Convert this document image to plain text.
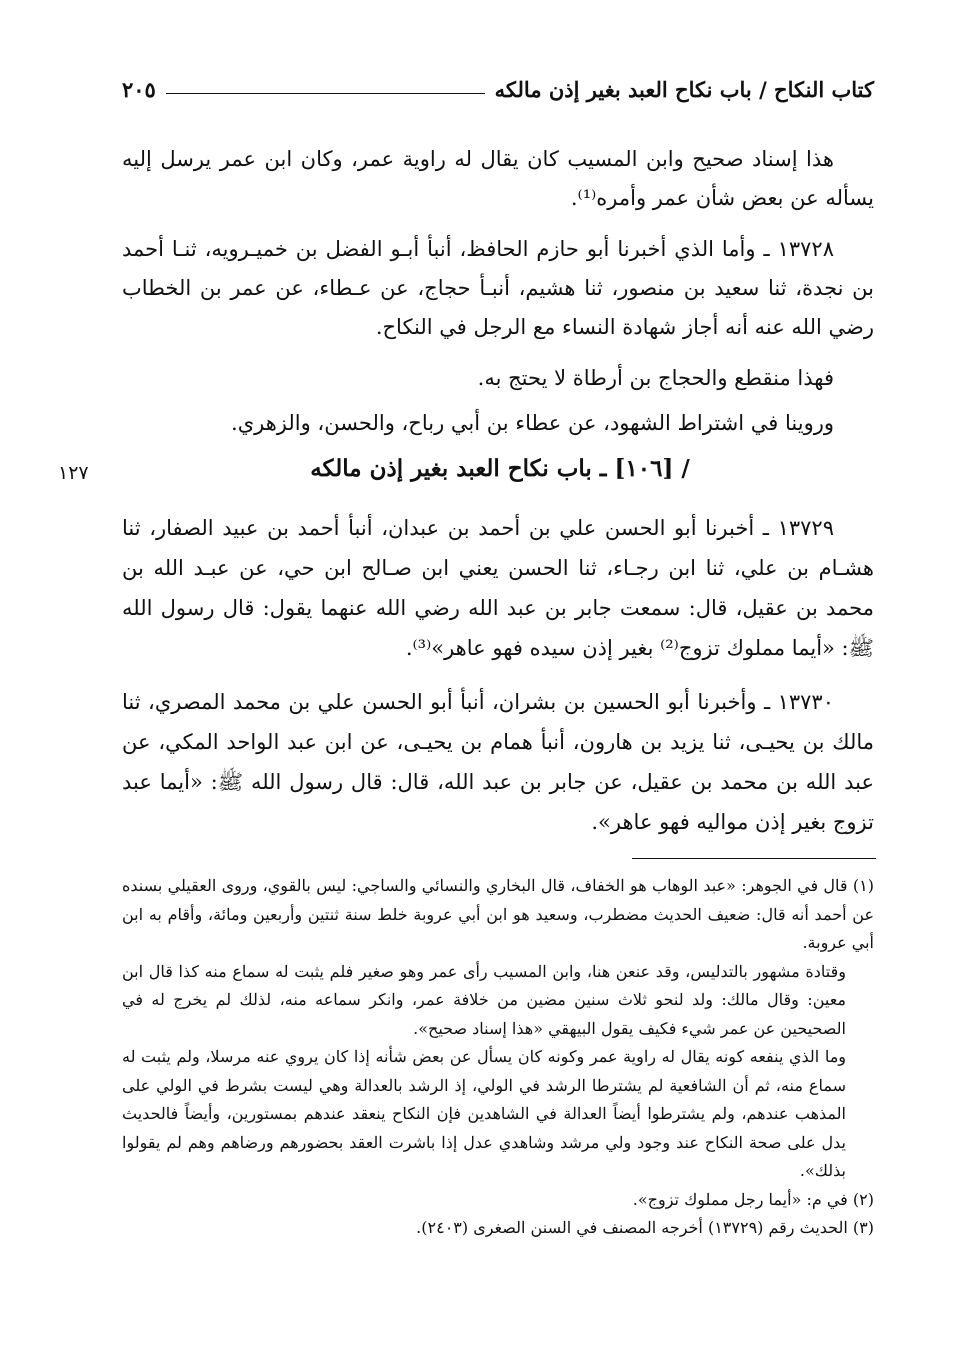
كتاب النكاح / باب نكاح العبد بغير إذن مالكه
٢٠٥

هذا إسناد صحيح وابن المسيب كان يقال له راوية عمر، وكان ابن عمر يرسل إليه يسأله عن بعض شأن عمر وأمره⁽¹⁾.

١٣٧٢٨ ـ وأما الذي أخبرنا أبو حازم الحافظ، أنبأ أبـو الفضل بن خميـرويه، ثنـا أحمد بن نجدة، ثنا سعيد بن منصور، ثنا هشيم، أنبـأ حجاج، عن عـطاء، عن عمر بن الخطاب رضي الله عنه أنه أجاز شهادة النساء مع الرجل في النكاح.

فهذا منقطع والحجاج بن أرطاة لا يحتج به.

وروينا في اشتراط الشهود، عن عطاء بن أبي رباح، والحسن، والزهري.

/ [١٠٦] ـ باب نكاح العبد بغير إذن مالكه
١٢٧

١٣٧٢٩ ـ أخبرنا أبو الحسن علي بن أحمد بن عبدان، أنبأ أحمد بن عبيد الصفار، ثنا هشـام بن علي، ثنا ابن رجـاء، ثنا الحسن يعني ابن صـالح ابن حي، عن عبـد الله بن محمد بن عقيل، قال: سمعت جابر بن عبد الله رضي الله عنهما يقول: قال رسول الله ﷺ: «أيما مملوك تزوج⁽²⁾ بغير إذن سيده فهو عاهر»⁽³⁾.

١٣٧٣٠ ـ وأخبرنا أبو الحسين بن بشران، أنبأ أبو الحسن علي بن محمد المصري، ثنا مالك بن يحيـى، ثنا يزيد بن هارون، أنبأ همام بن يحيـى، عن ابن عبد الواحد المكي، عن عبد الله بن محمد بن عقيل، عن جابر بن عبد الله، قال: قال رسول الله ﷺ: «أيما عبد تزوج بغير إذن مواليه فهو عاهر».

(١) قال في الجوهر: «عبد الوهاب هو الخفاف، قال البخاري والنسائي والساجي: ليس بالقوي، وروى العقيلي بسنده عن أحمد أنه قال: ضعيف الحديث مضطرب، وسعيد هو ابن أبي عروبة خلط سنة ثنتين وأربعين ومائة، وأقام به ابن أبي عروبة.

وقتادة مشهور بالتدليس، وقد عنعن هنا، وابن المسيب رأى عمر وهو صغير فلم يثبت له سماع منه كذا قال ابن معين: وقال مالك: ولد لنحو ثلاث سنين مضين من خلافة عمر، وانكر سماعه منه، لذلك لم يخرج له في الصحيحين عن عمر شيء فكيف يقول البيهقي «هذا إسناد صحيح».

وما الذي ينفعه كونه يقال له راوية عمر وكونه كان يسأل عن بعض شأنه إذا كان يروي عنه مرسلا، ولم يثبت له سماع منه، ثم أن الشافعية لم يشترطا الرشد في الولي، إذ الرشد بالعدالة وهي ليست بشرط في الولي على المذهب عندهم، ولم يشترطوا أيضاً العدالة في الشاهدين فإن النكاح ينعقد عندهم بمستورين، وأيضاً فالحديث يدل على صحة النكاح عند وجود ولي مرشد وشاهدي عدل إذا باشرت العقد بحضورهم ورضاهم وهم لم يقولوا بذلك».

(٢) في م: «أيما رجل مملوك تزوج».

(٣) الحديث رقم (١٣٧٢٩) أخرجه المصنف في السنن الصغرى (٢٤٠٣).
